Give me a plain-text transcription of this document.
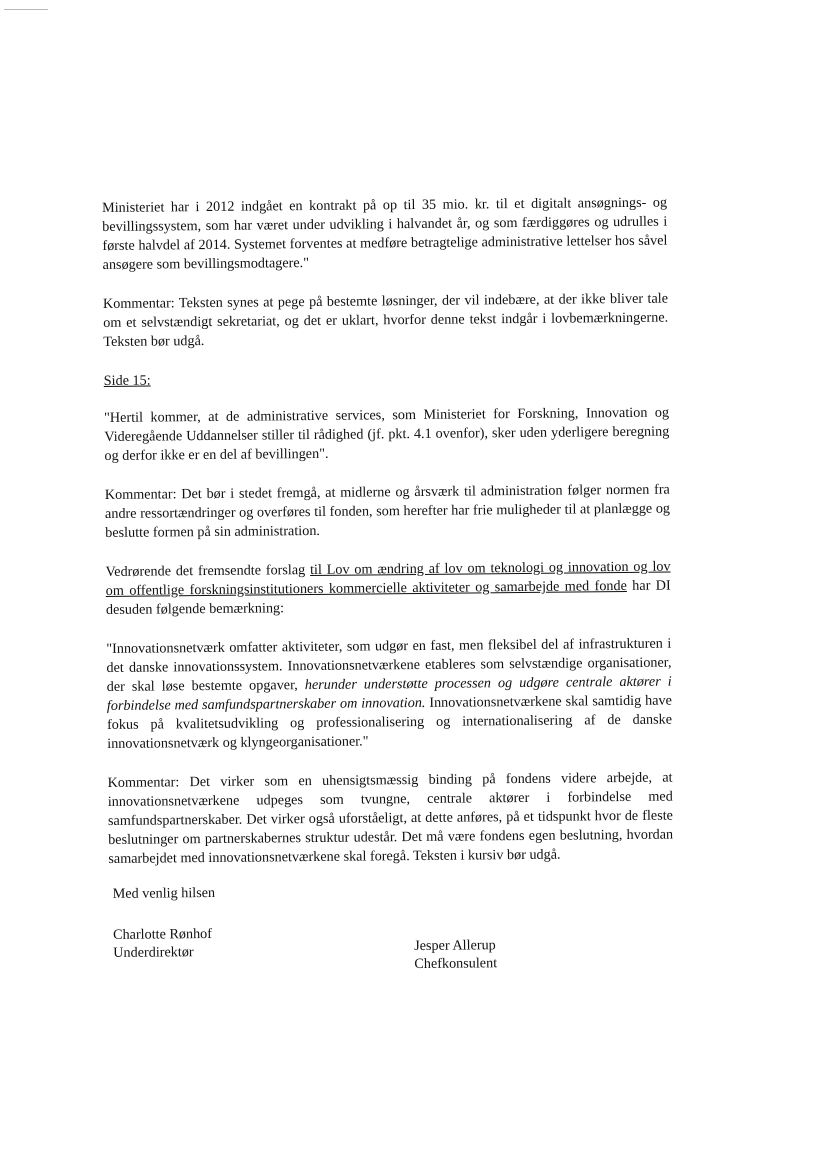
Ministeriet har i 2012 indgået en kontrakt på op til 35 mio. kr. til et digitalt ansøgnings- og bevillingssystem, som har været under udvikling i halvandet år, og som færdiggøres og udrulles i første halvdel af 2014. Systemet forventes at medføre betragtelige administrative lettelser hos såvel ansøgere som bevillingsmodtagere."

Kommentar: Teksten synes at pege på bestemte løsninger, der vil indebære, at der ikke bliver tale om et selvstændigt sekretariat, og det er uklart, hvorfor denne tekst indgår i lovbemærkningerne. Teksten bør udgå.

Side 15:

"Hertil kommer, at de administrative services, som Ministeriet for Forskning, Innovation og Videregående Uddannelser stiller til rådighed (jf. pkt. 4.1 ovenfor), sker uden yderligere beregning og derfor ikke er en del af bevillingen".

Kommentar: Det bør i stedet fremgå, at midlerne og årsværk til administration følger normen fra andre ressortændringer og overføres til fonden, som herefter har frie muligheder til at planlægge og beslutte formen på sin administration.

Vedrørende det fremsendte forslag til Lov om ændring af lov om teknologi og innovation og lov om offentlige forskningsinstitutioners kommercielle aktiviteter og samarbejde med fonde har DI desuden følgende bemærkning:

"Innovationsnetværk omfatter aktiviteter, som udgør en fast, men fleksibel del af infrastrukturen i det danske innovationssystem. Innovationsnetværkene etableres som selvstændige organisationer, der skal løse bestemte opgaver, herunder understøtte processen og udgøre centrale aktører i forbindelse med samfundspartnerskaber om innovation. Innovationsnetværkene skal samtidig have fokus på kvalitetsudvikling og professionalisering og internationalisering af de danske innovationsnetværk og klyngeorganisationer."

Kommentar: Det virker som en uhensigtsmæssig binding på fondens videre arbejde, at innovationsnetværkene udpeges som tvungne, centrale aktører i forbindelse med samfundspartnerskaber. Det virker også uforståeligt, at dette anføres, på et tidspunkt hvor de fleste beslutninger om partnerskabernes struktur udestår. Det må være fondens egen beslutning, hvordan samarbejdet med innovationsnetværkene skal foregå. Teksten i kursiv bør udgå.

Med venlig hilsen

Charlotte Rønhof
Underdirektør	Jesper Allerup
Chefkonsulent
